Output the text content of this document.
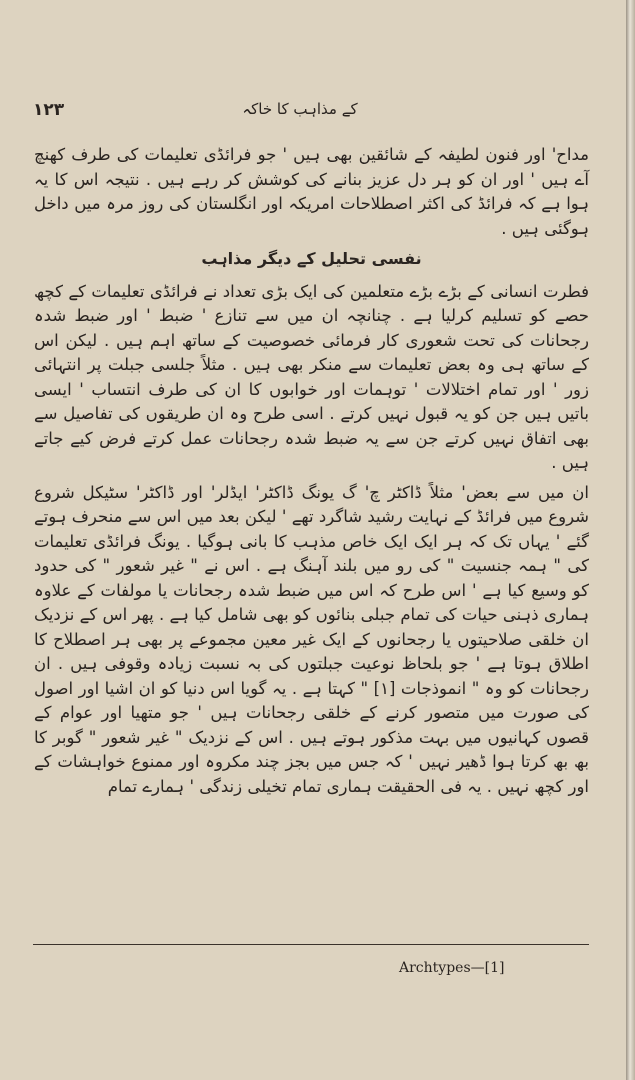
۱۲۳	کے مذاہب کا خاکہ

مداح' اور فنون لطیفہ کے شائقین بھی ہیں ' جو فرائڈی تعلیمات کی طرف کھنچ آے ہیں ' اور ان کو ہر دل عزیز بنانے کی کوشش کر رہے ہیں . نتیجہ اس کا یہ ہوا ہے کہ فرائڈ کی اکثر اصطلاحات امریکہ اور انگلستان کی روز مرہ میں داخل ہوگئی ہیں .

نفسی تحلیل کے دیگر مذاہب

فطرت انسانی کے بڑے بڑے متعلمین کی ایک بڑی تعداد نے فرائڈی تعلیمات کے کچھ حصے کو تسلیم کرلیا ہے . چنانچہ ان میں سے تنازع ' ضبط ' اور ضبط شدہ رجحانات کی تحت شعوری کار فرمائی خصوصیت کے ساتھ اہم ہیں . لیکن اس کے ساتھ ہی وہ بعض تعلیمات سے منکر بھی ہیں . مثلاً جلسی جبلت پر انتہائی زور ' اور تمام اختلالات ' توہمات اور خوابوں کا ان کی طرف انتساب ' ایسی باتیں ہیں جن کو یہ قبول نہیں کرتے . اسی طرح وہ ان طریقوں کی تفاصیل سے بھی اتفاق نہیں کرتے جن سے یہ ضبط شدہ رجحانات عمل کرتے فرض کیے جاتے ہیں .

ان میں سے بعض' مثلاً ڈاکٹر چ' گ یونگ ڈاکٹر' ایڈلر' اور ڈاکٹر' سٹیکل شروع شروع میں فرائڈ کے نہایت رشید شاگرد تھے ' لیکن بعد میں اس سے منحرف ہوتے گئے ' یہاں تک کہ ہر ایک ایک خاص مذہب کا بانی ہوگیا . یونگ فرائڈی تعلیمات کی " ہمہ جنسیت " کی رو میں بلند آہنگ ہے . اس نے " غیر شعور " کی حدود کو وسیع کیا ہے ' اس طرح کہ اس میں ضبط شدہ رجحانات یا مولفات کے علاوہ ہماری ذہنی حیات کی تمام جبلی بنائوں کو بھی شامل کیا ہے . پھر اس کے نزدیک ان خلقی صلاحیتوں یا رجحانوں کے ایک غیر معین مجموعے پر بھی ہر اصطلاح کا اطلاق ہوتا ہے ' جو بلحاظ نوعیت جبلتوں کی بہ نسبت زیادہ وقوفی ہیں . ان رجحانات کو وہ " انموذجات [۱] " کہتا ہے . یہ گویا اس دنیا کو ان اشیا اور اصول کی صورت میں متصور کرنے کے خلقی رجحانات ہیں ' جو متھیا اور عوام کے قصوں کہانیوں میں بہت مذکور ہوتے ہیں . اس کے نزدیک " غیر شعور " گوبر کا بھ بھ کرتا ہوا ڈھیر نہیں ' کہ جس میں بجز چند مکروہ اور ممنوع خواہشات کے اور کچھ نہیں . یہ فی الحقیقت ہماری تمام تخیلی زندگی ' ہمارے تمام

Archtypes—[1]
